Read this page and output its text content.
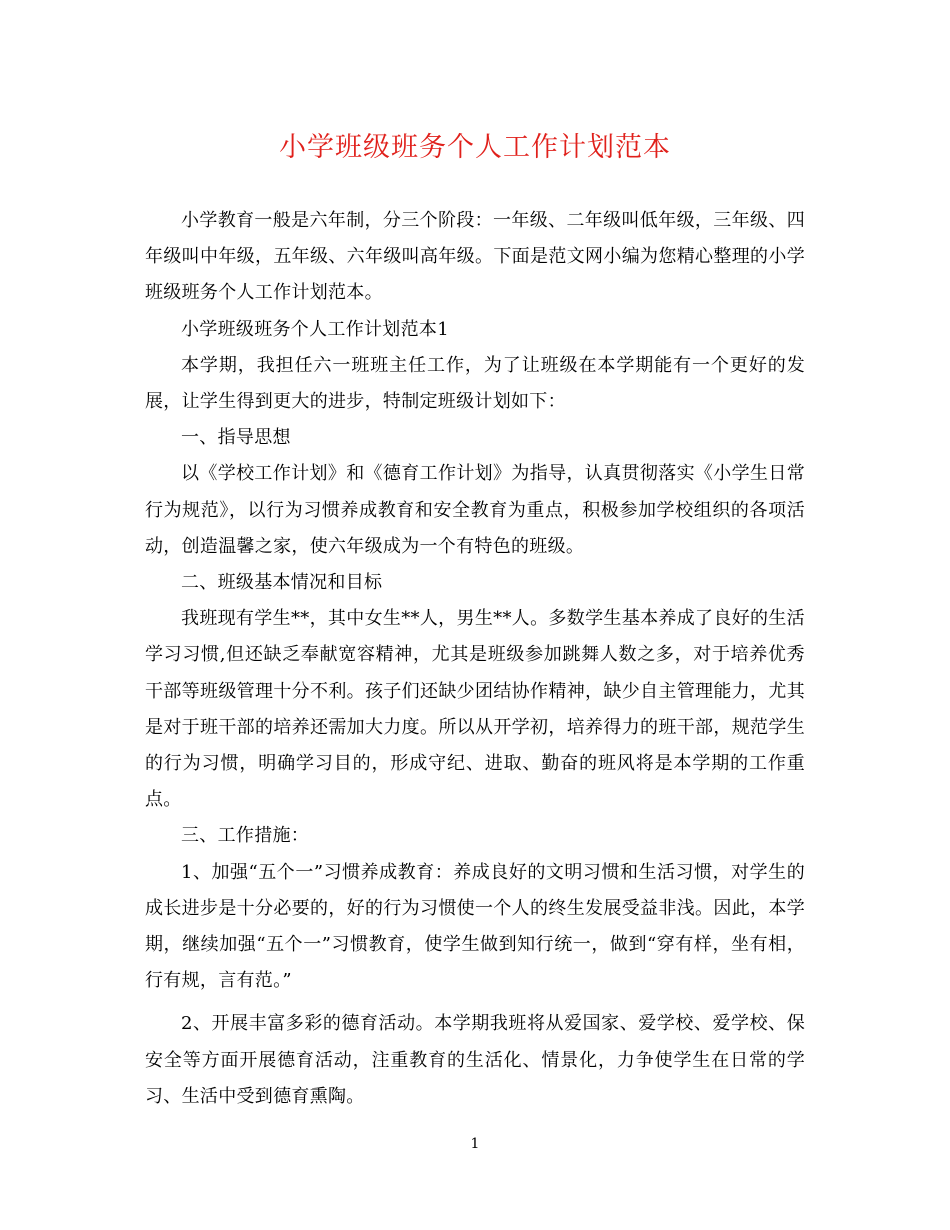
小学班级班务个人工作计划范本

小学教育一般是六年制，分三个阶段：一年级、二年级叫低年级，三年级、四年级叫中年级，五年级、六年级叫高年级。下面是范文网小编为您精心整理的小学班级班务个人工作计划范本。

小学班级班务个人工作计划范本1

本学期，我担任六一班班主任工作，为了让班级在本学期能有一个更好的发展，让学生得到更大的进步，特制定班级计划如下：

一、指导思想

以《学校工作计划》和《德育工作计划》为指导，认真贯彻落实《小学生日常行为规范》，以行为习惯养成教育和安全教育为重点，积极参加学校组织的各项活动，创造温馨之家，使六年级成为一个有特色的班级。

二、班级基本情况和目标

我班现有学生**，其中女生**人，男生**人。多数学生基本养成了良好的生活学习习惯,但还缺乏奉献宽容精神，尤其是班级参加跳舞人数之多，对于培养优秀干部等班级管理十分不利。孩子们还缺少团结协作精神，缺少自主管理能力，尤其是对于班干部的培养还需加大力度。所以从开学初，培养得力的班干部，规范学生的行为习惯，明确学习目的，形成守纪、进取、勤奋的班风将是本学期的工作重点。

三、工作措施：

1、加强“五个一”习惯养成教育：养成良好的文明习惯和生活习惯，对学生的成长进步是十分必要的，好的行为习惯使一个人的终生发展受益非浅。因此，本学期，继续加强“五个一”习惯教育，使学生做到知行统一，做到“穿有样，坐有相，行有规，言有范。”

2、开展丰富多彩的德育活动。本学期我班将从爱国家、爱学校、爱学校、保安全等方面开展德育活动，注重教育的生活化、情景化，力争使学生在日常的学习、生活中受到德育熏陶。

1
